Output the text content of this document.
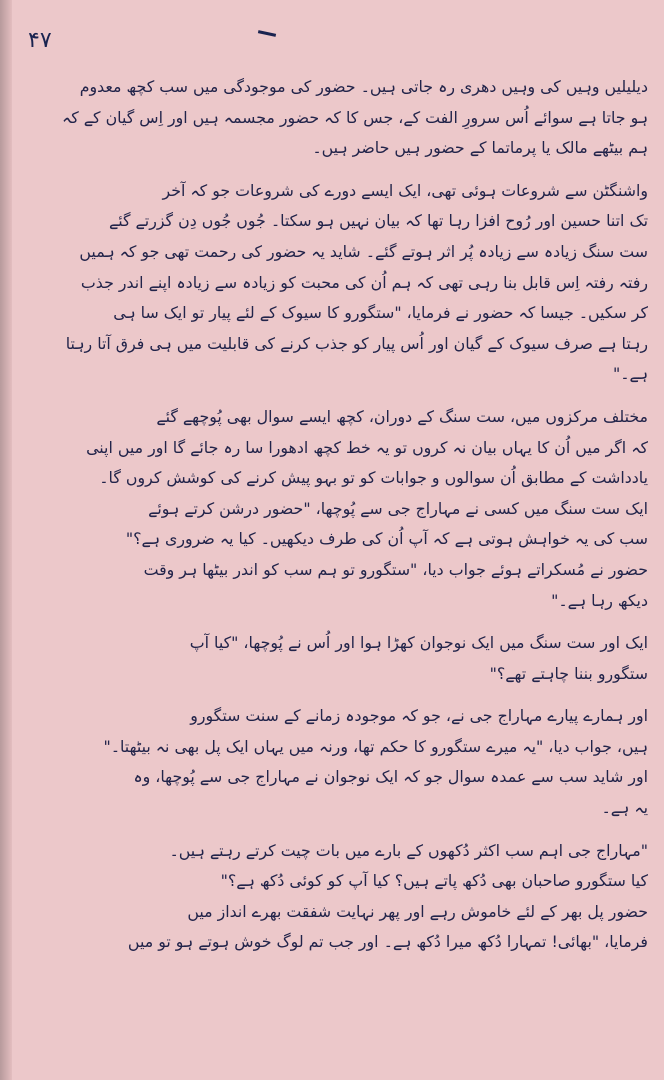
۴۷
دیلیلیں وہیں کی وہیں دھری رہ جاتی ہیں۔ حضور کی موجودگی میں سب کچھ معدوم
ہو جاتا ہے سوائے اُس سرورِ الفت کے، جس کا کہ حضور مجسمہ ہیں اور اِس گیان کے کہ
ہم بیٹھے مالک یا پرماتما کے حضور ہیں حاضر ہیں۔
واشنگٹن سے شروعات ہوئی تھی، ایک ایسے دورے کی شروعات جو کہ آخر
تک اتنا حسین اور رُوح افزا رہا تھا کہ بیان نہیں ہو سکتا۔ جُوں جُوں دِن گزرتے گئے
ست سنگ زیادہ سے زیادہ پُر اثر ہوتے گئے۔ شاید یہ حضور کی رحمت تھی جو کہ ہمیں
رفتہ رفتہ اِس قابل بنا رہی تھی کہ ہم اُن کی محبت کو زیادہ سے زیادہ اپنے اندر جذب
کر سکیں۔ جیسا کہ حضور نے فرمایا، "ستگورو کا سیوک کے لئے پیار تو ایک سا ہی
رہتا ہے صرف سیوک کے گیان اور اُس پیار کو جذب کرنے کی قابلیت میں ہی فرق آتا رہتا
ہے۔"
مختلف مرکزوں میں، ست سنگ کے دوران، کچھ ایسے سوال بھی پُوچھے گئے
کہ اگر میں اُن کا یہاں بیان نہ کروں تو یہ خط کچھ ادھورا سا رہ جائے گا اور میں اپنی
یادداشت کے مطابق اُن سوالوں و جوابات کو تو بہو پیش کرنے کی کوشش کروں گا۔
ایک ست سنگ میں کسی نے مہاراج جی سے پُوچھا، "حضور درشن کرتے ہوئے
سب کی یہ خواہش ہوتی ہے کہ آپ اُن کی طرف دیکھیں۔ کیا یہ ضروری ہے؟"
حضور نے مُسکراتے ہوئے جواب دیا، "ستگورو تو ہم سب کو اندر بیٹھا ہر وقت
دیکھ رہا ہے۔"
ایک اور ست سنگ میں ایک نوجوان کھڑا ہوا اور اُس نے پُوچھا، "کیا آپ
ستگورو بننا چاہتے تھے؟"
اور ہمارے پیارے مہاراج جی نے، جو کہ موجودہ زمانے کے سنت ستگورو
ہیں، جواب دیا، "یہ میرے ستگورو کا حکم تھا، ورنہ میں یہاں ایک پل بھی نہ بیٹھتا۔"
اور شاید سب سے عمدہ سوال جو کہ ایک نوجوان نے مہاراج جی سے پُوچھا، وہ
یہ ہے۔
"مہاراج جی اہم سب اکثر دُکھوں کے بارے میں بات چیت کرتے رہتے ہیں۔
کیا ستگورو صاحبان بھی دُکھ پاتے ہیں؟ کیا آپ کو کوئی دُکھ ہے؟"
حضور پل بھر کے لئے خاموش رہے اور پھر نہایت شفقت بھرے انداز میں
فرمایا، "بھائی! تمہارا دُکھ میرا دُکھ ہے۔ اور جب تم لوگ خوش ہوتے ہو تو میں
